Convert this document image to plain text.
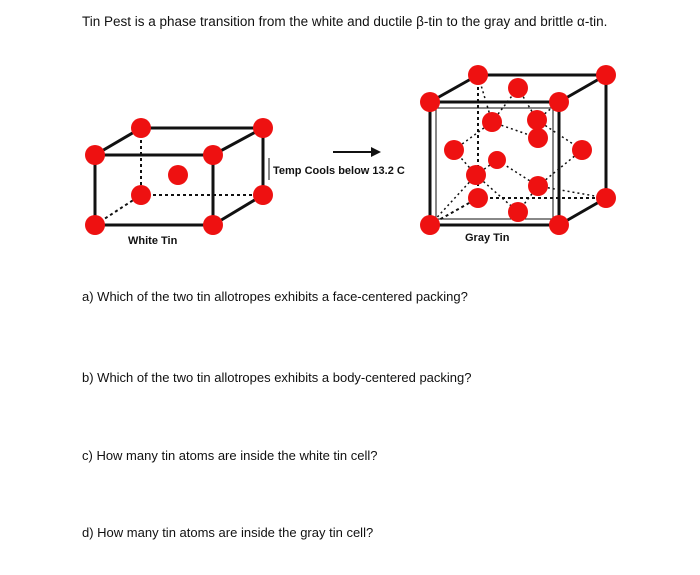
Tin Pest is a phase transition from the white and ductile β-tin to the gray and brittle α-tin.
White Tin
Temp Cools below 13.2 C
Gray Tin
a) Which of the two tin allotropes exhibits a face-centered packing?
b) Which of the two tin allotropes exhibits a body-centered packing?
c) How many tin atoms are inside the white tin cell?
d) How many tin atoms are inside the gray tin cell?
